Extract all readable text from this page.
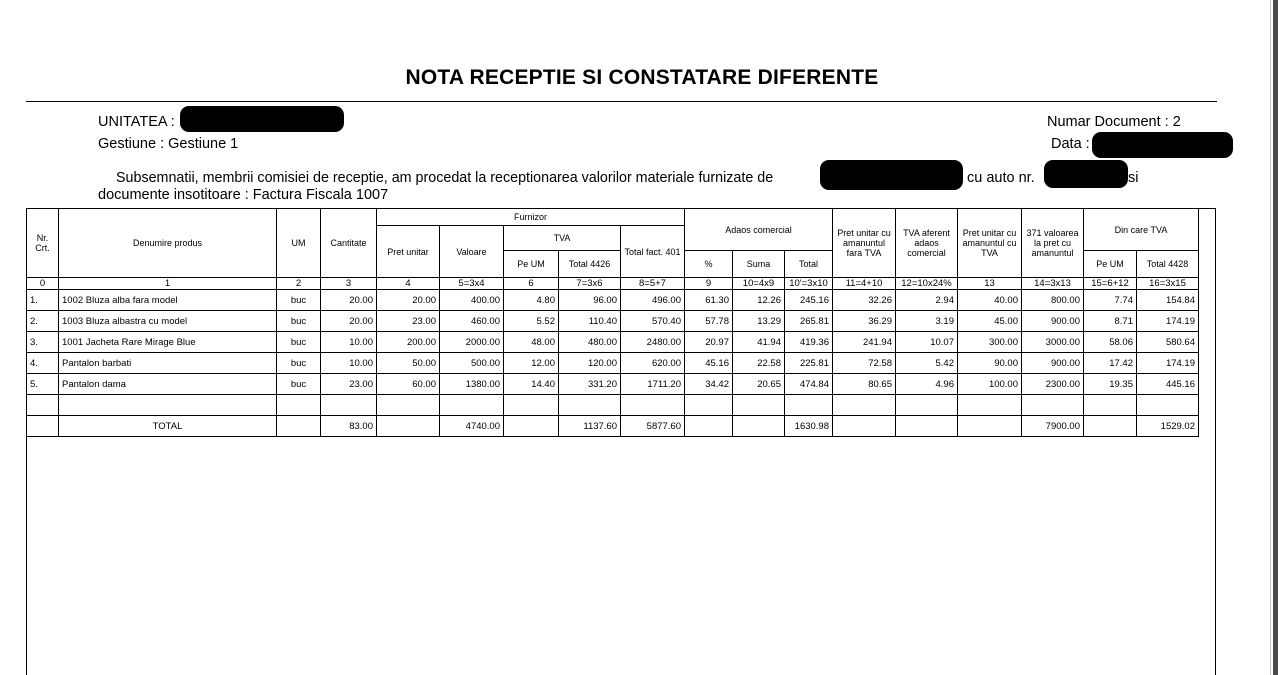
NOTA RECEPTIE SI CONSTATARE DIFERENTE
UNITATEA :
Gestiune : Gestiune 1
Numar Document : 2
Data :
Subsemnatii, membrii comisiei de receptie, am procedat la receptionarea valorilor materiale furnizate de	cu auto nr.	si
documente insotitoare : Factura Fiscala 1007
Nr. Crt.	Denumire produs	UM	Cantitate	Furnizor					Adaos comercial			Pret unitar cu amanuntul fara TVA	TVA aferent adaos comercial	Pret unitar cu amanuntul cu TVA	371 valoarea la pret cu amanuntul	Din care TVA	
				Pret unitar	Valoare	TVA		Total fact. 401									
						Pe UM	Total 4426		%	Suma	Total					Pe UM	Total 4428
0	1	2	3	4	5=3x4	6	7=3x6	8=5+7	9	10=4x9	10'=3x10	11=4+10	12=10x24%	13	14=3x13	15=6+12	16=3x15
1.	1002 Bluza alba fara model	buc	20.00	20.00	400.00	4.80	96.00	496.00	61.30	12.26	245.16	32.26	2.94	40.00	800.00	7.74	154.84
2.	1003 Bluza albastra cu model	buc	20.00	23.00	460.00	5.52	110.40	570.40	57.78	13.29	265.81	36.29	3.19	45.00	900.00	8.71	174.19
3.	1001 Jacheta Rare Mirage Blue	buc	10.00	200.00	2000.00	48.00	480.00	2480.00	20.97	41.94	419.36	241.94	10.07	300.00	3000.00	58.06	580.64
4.	Pantalon barbati	buc	10.00	50.00	500.00	12.00	120.00	620.00	45.16	22.58	225.81	72.58	5.42	90.00	900.00	17.42	174.19
5.	Pantalon dama	buc	23.00	60.00	1380.00	14.40	331.20	1711.20	34.42	20.65	474.84	80.65	4.96	100.00	2300.00	19.35	445.16

	TOTAL		83.00		4740.00		1137.60	5877.60			1630.98				7900.00		1529.02
